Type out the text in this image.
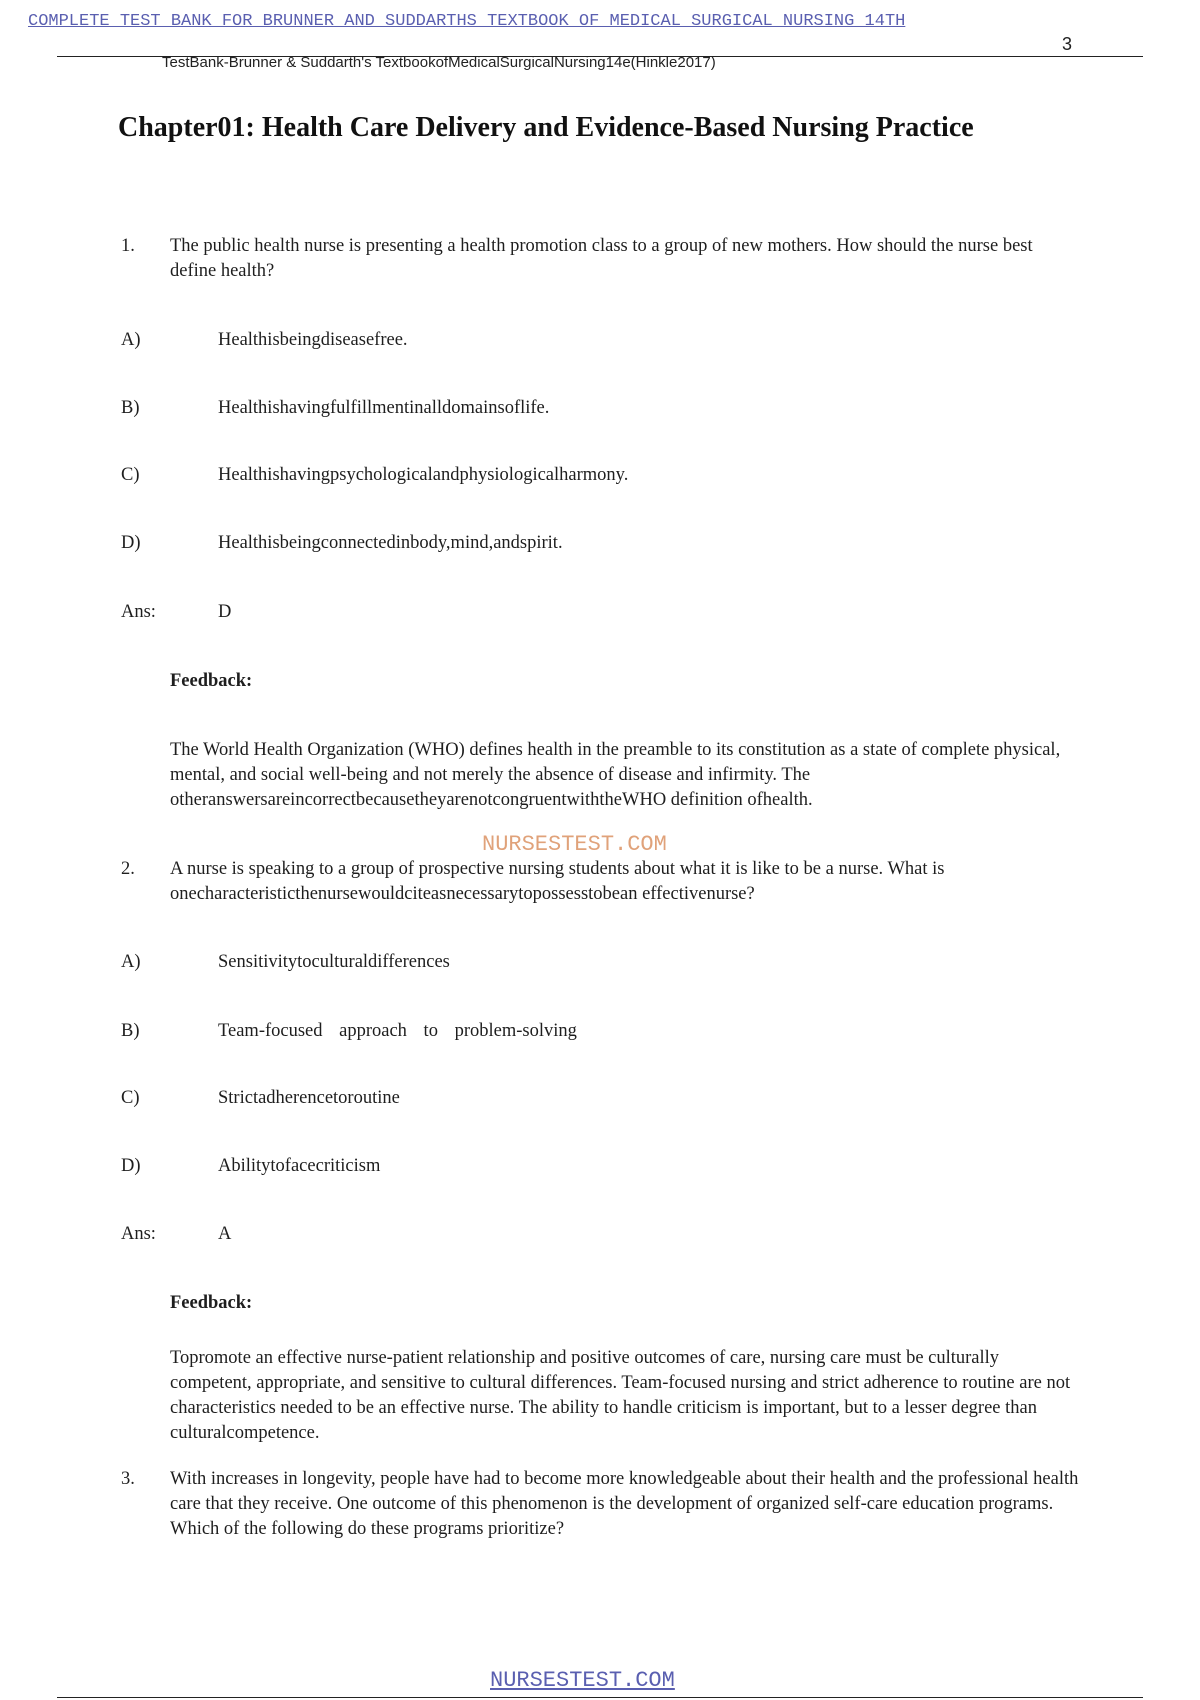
COMPLETE TEST BANK FOR BRUNNER AND SUDDARTHS TEXTBOOK OF MEDICAL SURGICAL NURSING 14TH
3
TestBank-Brunner & Suddarth's TextbookofMedicalSurgicalNursing14e(Hinkle2017)
Chapter01: Health Care Delivery and Evidence-Based Nursing Practice
1. The public health nurse is presenting a health promotion class to a group of new mothers. How should the nurse best define health?
A)	Healthisbeingdiseasefree.
B)	Healthishavingfulfillmentinalldomainsoflife.
C)	Healthishavingpsychologicalandphysiologicalharmony.
D)	Healthisbeingconnectedinbody,mind,andspirit.
Ans:	D
Feedback:
The World Health Organization (WHO) defines health in the preamble to its constitution as a state of complete physical, mental, and social well-being and not merely the absence of disease and infirmity. The otheranswersareincorrectbecausetheyarenotcongruentwiththeWHO definition ofhealth.
NURSESTEST.COM
2. A nurse is speaking to a group of prospective nursing students about what it is like to be a nurse. What is onecharacteristicthenursewouldciteasnecessarytopossesstobean effectivenurse?
A)	Sensitivitytoculturaldifferences
B)	Team-focused approach to problem-solving
C)	Strictadherencetoroutine
D)	Abilitytofacecriticism
Ans:	A
Feedback:
Topromote an effective nurse-patient relationship and positive outcomes of care, nursing care must be culturally competent, appropriate, and sensitive to cultural differences. Team-focused nursing and strict adherence to routine are not characteristics needed to be an effective nurse. The ability to handle criticism is important, but to a lesser degree than culturalcompetence.
3. With increases in longevity, people have had to become more knowledgeable about their health and the professional health care that they receive. One outcome of this phenomenon is the development of organized self-care education programs. Which of the following do these programs prioritize?
NURSESTEST.COM
